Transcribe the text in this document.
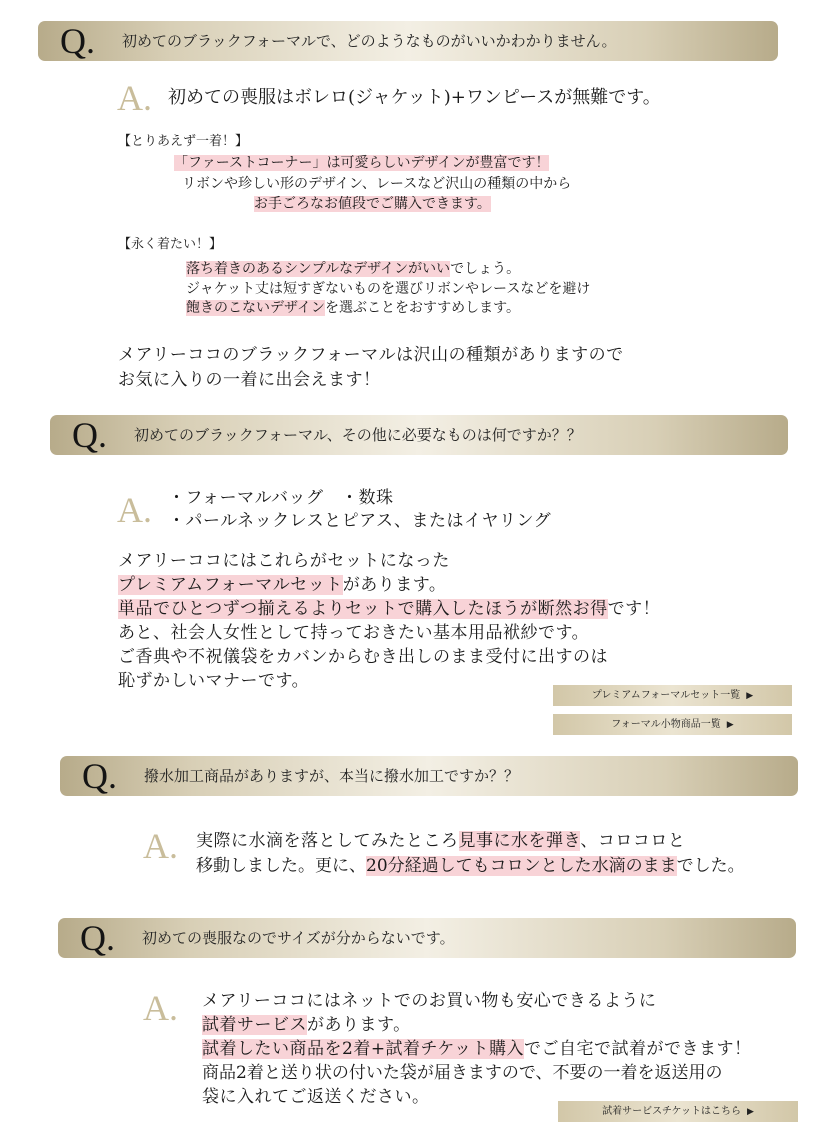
Q. 初めてのブラックフォーマルで、どのようなものがいいかわかりません。
A. 初めての喪服はボレロ(ジャケット)+ワンピースが無難です。
【とりあえず一着！】
「ファーストコーナー」は可愛らしいデザインが豊富です！
リボンや珍しい形のデザイン、レースなど沢山の種類の中から
お手ごろなお値段でご購入できます。
【永く着たい！】
落ち着きのあるシンプルなデザインがいいでしょう。
ジャケット丈は短すぎないものを選びリボンやレースなどを避け
飽きのこないデザインを選ぶことをおすすめします。
メアリーココのブラックフォーマルは沢山の種類がありますので
お気に入りの一着に出会えます！
Q. 初めてのブラックフォーマル、その他に必要なものは何ですか？？
A. ・フォーマルバッグ　・数珠
・パールネックレスとピアス、またはイヤリング
メアリーココにはこれらがセットになった
プレミアムフォーマルセットがあります。
単品でひとつずつ揃えるよりセットで購入したほうが断然お得です！
あと、社会人女性として持っておきたい基本用品袱紗です。
ご香典や不祝儀袋をカバンからむき出しのまま受付に出すのは
恥ずかしいマナーです。
プレミアムフォーマルセット一覧 ▶
フォーマル小物商品一覧 ▶
Q. 撥水加工商品がありますが、本当に撥水加工ですか？？
A. 実際に水滴を落としてみたところ見事に水を弾き、コロコロと
移動しました。更に、20分経過してもコロンとした水滴のままでした。
Q. 初めての喪服なのでサイズが分からないです。
A. メアリーココにはネットでのお買い物も安心できるように
試着サービスがあります。
試着したい商品を2着+試着チケット購入でご自宅で試着ができます！
商品2着と送り状の付いた袋が届きますので、不要の一着を返送用の
袋に入れてご返送ください。
試着サービスチケットはこちら ▶
